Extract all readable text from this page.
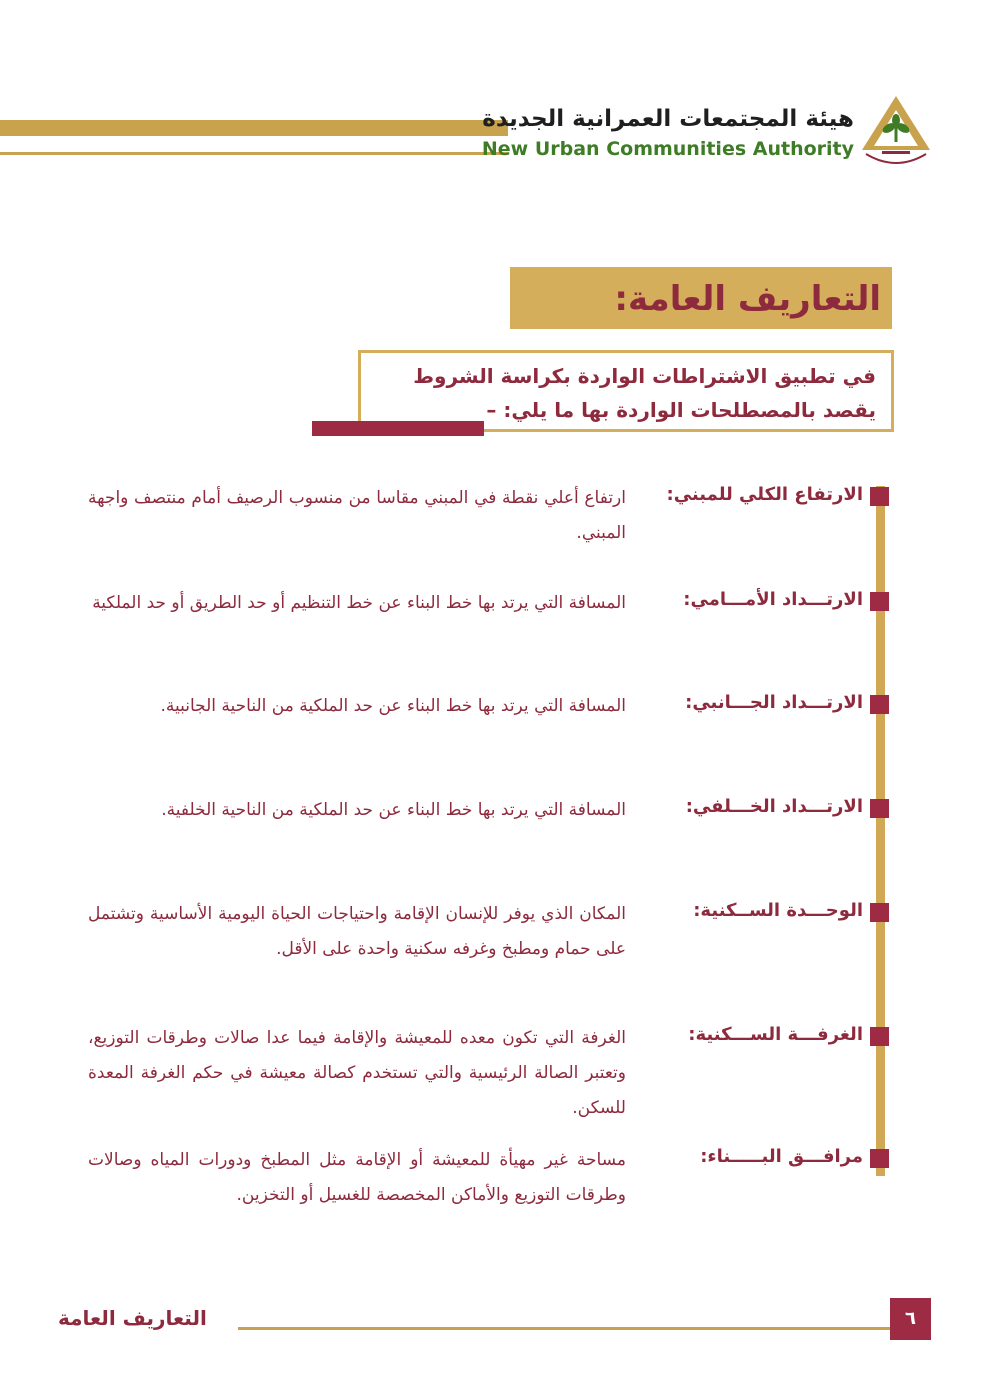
هيئة المجتمعات العمرانية الجديدة
New Urban Communities Authority
التعاريف العامة:
في تطبيق الاشتراطات الواردة بكراسة الشروط
يقصد بالمصطلحات الواردة بها ما يلي: –
الارتفاع الكلي للمبني:
ارتفاع أعلي نقطة في المبني مقاسا من منسوب الرصيف أمام منتصف واجهة المبني.
الارتـــداد الأمـــامي:
المسافة التي يرتد بها خط البناء عن خط التنظيم أو حد الطريق أو حد الملكية
الارتـــداد الجـــانبي:
المسافة التي يرتد بها خط البناء عن حد الملكية من الناحية الجانبية.
الارتـــداد الخـــلفي:
المسافة التي يرتد بها خط البناء عن حد الملكية من الناحية الخلفية.
الوحـــدة الســكنية:
المكان الذي يوفر للإنسان الإقامة واحتياجات الحياة اليومية الأساسية وتشتمل على حمام ومطبخ وغرفه سكنية واحدة على الأقل.
الغرفـــة الســـكنية:
الغرفة التي تكون معده للمعيشة والإقامة فيما عدا صالات وطرقات التوزيع، وتعتبر الصالة الرئيسية والتي تستخدم كصالة معيشة في حكم الغرفة المعدة للسكن.
مرافـــق البـــــناء:
مساحة غير مهيأة للمعيشة أو الإقامة مثل المطبخ ودورات المياه وصالات وطرقات التوزيع والأماكن المخصصة للغسيل أو التخزين.
التعاريف العامة	٦
